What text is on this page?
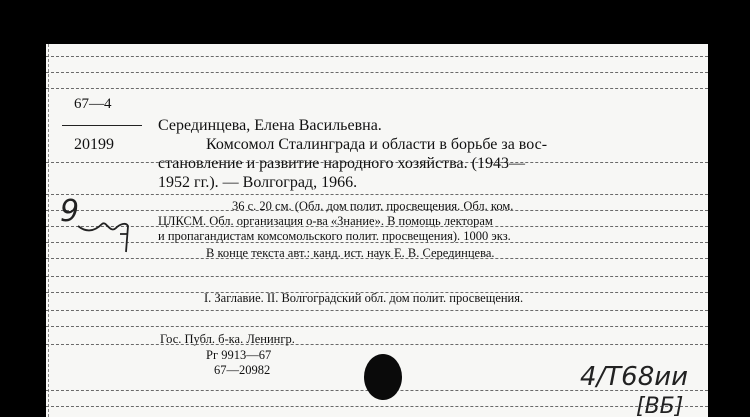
67—4
20199
Серединцева, Елена Васильевна.
Комсомол Сталинграда и области в борьбе за вос-
становление и развитие народного хозяйства. (1943—
1952 гг.). — Волгоград, 1966.
36 с. 20 см. (Обл. дом полит. просвещения. Обл. ком.
ЦЛКСМ. Обл. организация о-ва «Знание». В помощь лекторам
и пропагандистам комсомольского полит. просвещения). 1000 экз.
В конце текста авт.: канд. ист. наук Е. В. Серединцева.
I. Заглавие. II. Волгоградский обл. дом полит. просвещения.
Гос. Публ. б-ка. Ленингр.
Рг 9913—67
67—20982
9
4/Т68ии
[ВБ]
